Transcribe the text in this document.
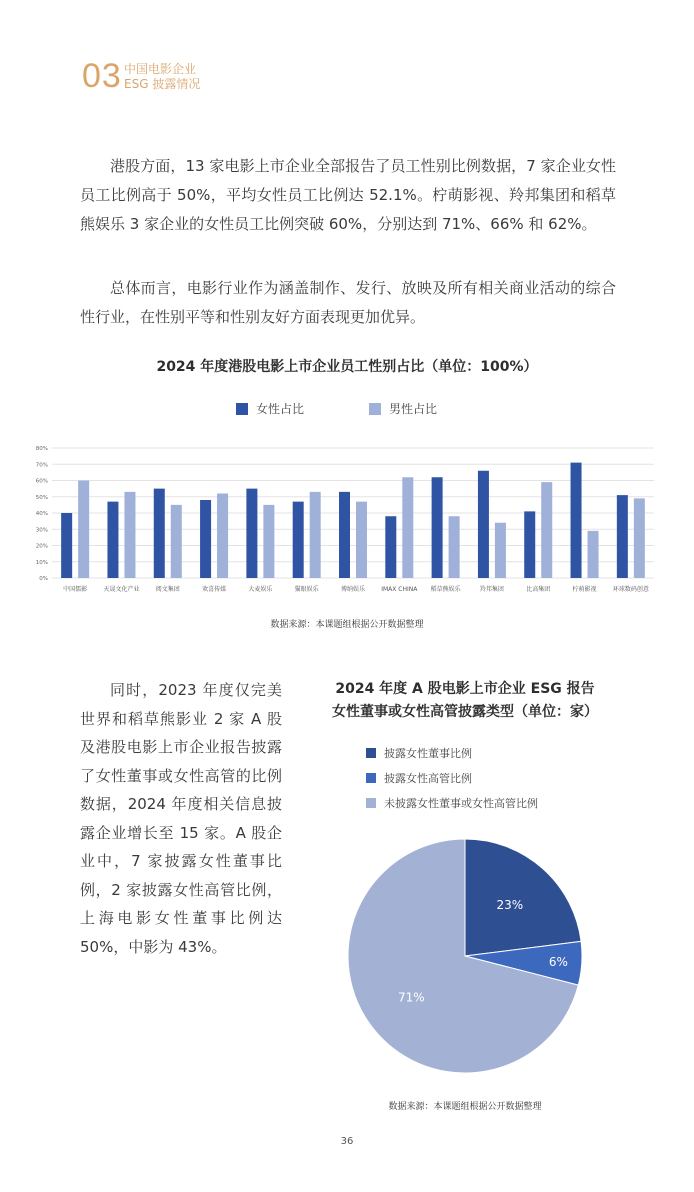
03 中国电影企业
ESG 披露情况

港股方面，13 家电影上市企业全部报告了员工性别比例数据，7 家企业女性员工比例高于 50%，平均女性员工比例达 52.1%。柠萌影视、羚邦集团和稻草熊娱乐 3 家企业的女性员工比例突破 60%，分别达到 71%、66% 和 62%。

总体而言，电影行业作为涵盖制作、发行、放映及所有相关商业活动的综合性行业，在性别平等和性别友好方面表现更加优异。

2024 年度港股电影上市企业员工性别占比（单位：100%）
女性占比	男性占比
0%
10%
20%
30%
40%
50%
60%
70%
80%
中国儒影	天晟文化产业	阅文集团	欢喜传媒	大麦娱乐	猫眼娱乐	博纳娱乐	IMAX CHINA 稻草熊娱乐	羚邦集团	比高集团	柠萌影视	环球数码创意
数据来源：本课题组根据公开数据整理

同时，2023 年度仅完美世界和稻草熊影业 2 家 A 股及港股电影上市企业报告披露了女性董事或女性高管的比例数据，2024 年度相关信息披露企业增长至 15 家。A 股企业中，7 家披露女性董事比例，2 家披露女性高管比例，上海电影女性董事比例达 50%，中影为 43%。

2024 年度 A 股电影上市企业 ESG 报告
女性董事或女性高管披露类型（单位：家）
披露女性董事比例
披露女性高管比例
未披露女性董事或女性高管比例
23%
6%
71%
数据来源：本课题组根据公开数据整理
36
